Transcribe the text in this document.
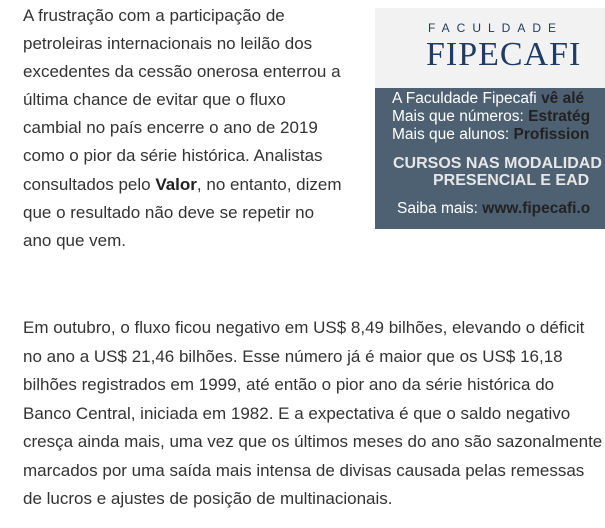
A frustração com a participação de petroleiras internacionais no leilão dos excedentes da cessão onerosa enterrou a última chance de evitar que o fluxo cambial no país encerre o ano de 2019 como o pior da série histórica. Analistas consultados pelo Valor, no entanto, dizem que o resultado não deve se repetir no ano que vem.

FACULDADE
FIPECAFI
A Faculdade Fipecafi vê alé
Mais que números: Estratég
Mais que alunos: Profission
CURSOS NAS MODALIDAD
PRESENCIAL E EAD
Saiba mais: www.fipecafi.o

Em outubro, o fluxo ficou negativo em US$ 8,49 bilhões, elevando o déficit no ano a US$ 21,46 bilhões. Esse número já é maior que os US$ 16,18 bilhões registrados em 1999, até então o pior ano da série histórica do Banco Central, iniciada em 1982. E a expectativa é que o saldo negativo cresça ainda mais, uma vez que os últimos meses do ano são sazonalmente marcados por uma saída mais intensa de divisas causada pelas remessas de lucros e ajustes de posição de multinacionais.
